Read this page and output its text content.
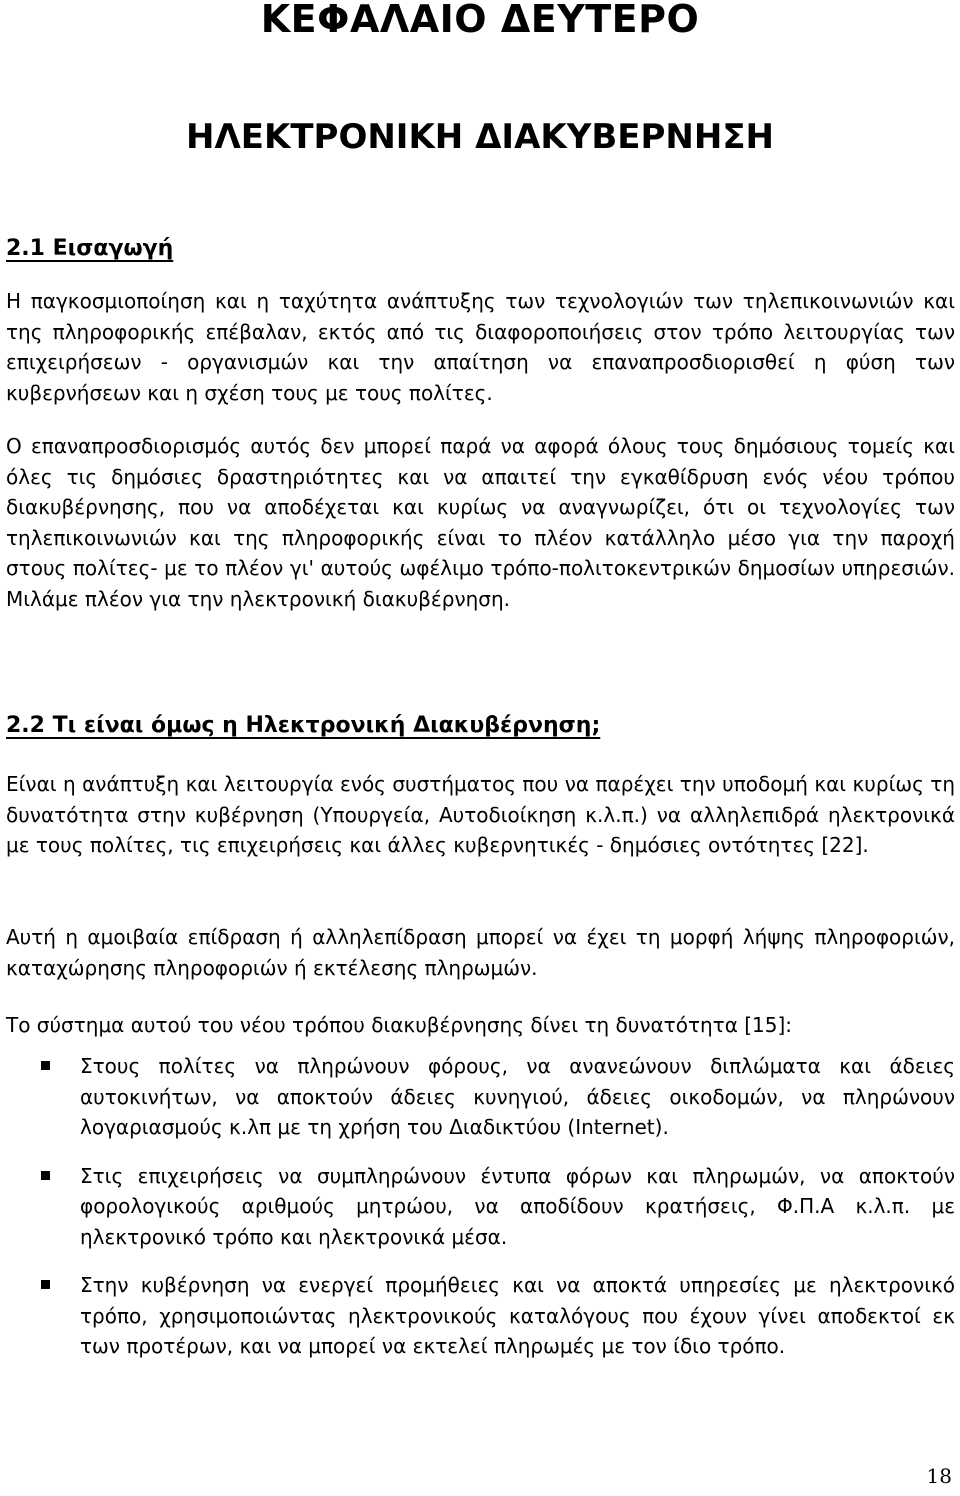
ΚΕΦΑΛΑΙΟ ΔΕΥΤΕΡΟ
ΗΛΕΚΤΡΟΝΙΚΗ ΔΙΑΚΥΒΕΡΝΗΣΗ
2.1 Εισαγωγή

Η παγκοσμιοποίηση και η ταχύτητα ανάπτυξης των τεχνολογιών των τηλεπικοινωνιών και της πληροφορικής επέβαλαν, εκτός από τις διαφοροποιήσεις στον τρόπο λειτουργίας των επιχειρήσεων - οργανισμών και την απαίτηση να επαναπροσδιορισθεί η φύση των κυβερνήσεων και η σχέση τους με τους πολίτες.

Ο επαναπροσδιορισμός αυτός δεν μπορεί παρά να αφορά όλους τους δημόσιους τομείς και όλες τις δημόσιες δραστηριότητες και να απαιτεί την εγκαθίδρυση ενός νέου τρόπου διακυβέρνησης, που να αποδέχεται και κυρίως να αναγνωρίζει, ότι οι τεχνολογίες των τηλεπικοινωνιών και της πληροφορικής είναι το πλέον κατάλληλο μέσο για την παροχή στους πολίτες- με το πλέον γι' αυτούς ωφέλιμο τρόπο-πολιτοκεντρικών δημοσίων υπηρεσιών. Μιλάμε πλέον για την ηλεκτρονική διακυβέρνηση.

2.2 Τι είναι όμως η Ηλεκτρονική Διακυβέρνηση;

Είναι η ανάπτυξη και λειτουργία ενός συστήματος που να παρέχει την υποδομή και κυρίως τη δυνατότητα στην κυβέρνηση (Υπουργεία, Αυτοδιοίκηση κ.λ.π.) να αλληλεπιδρά ηλεκτρονικά με τους πολίτες, τις επιχειρήσεις και άλλες κυβερνητικές - δημόσιες οντότητες [22].

Αυτή η αμοιβαία επίδραση ή αλληλεπίδραση μπορεί να έχει τη μορφή λήψης πληροφοριών, καταχώρησης πληροφοριών ή εκτέλεσης πληρωμών.

Το σύστημα αυτού του νέου τρόπου διακυβέρνησης δίνει τη δυνατότητα [15]:

Στους πολίτες να πληρώνουν φόρους, να ανανεώνουν διπλώματα και άδειες αυτοκινήτων, να αποκτούν άδειες κυνηγιού, άδειες οικοδομών, να πληρώνουν λογαριασμούς κ.λπ με τη χρήση του Διαδικτύου (Internet).
Στις επιχειρήσεις να συμπληρώνουν έντυπα φόρων και πληρωμών, να αποκτούν φορολογικούς αριθμούς μητρώου, να αποδίδουν κρατήσεις, Φ.Π.Α κ.λ.π. με ηλεκτρονικό τρόπο και ηλεκτρονικά μέσα.
Στην κυβέρνηση να ενεργεί προμήθειες και να αποκτά υπηρεσίες με ηλεκτρονικό τρόπο, χρησιμοποιώντας ηλεκτρονικούς καταλόγους που έχουν γίνει αποδεκτοί εκ των προτέρων, και να μπορεί να εκτελεί πληρωμές με τον ίδιο τρόπο.
18
